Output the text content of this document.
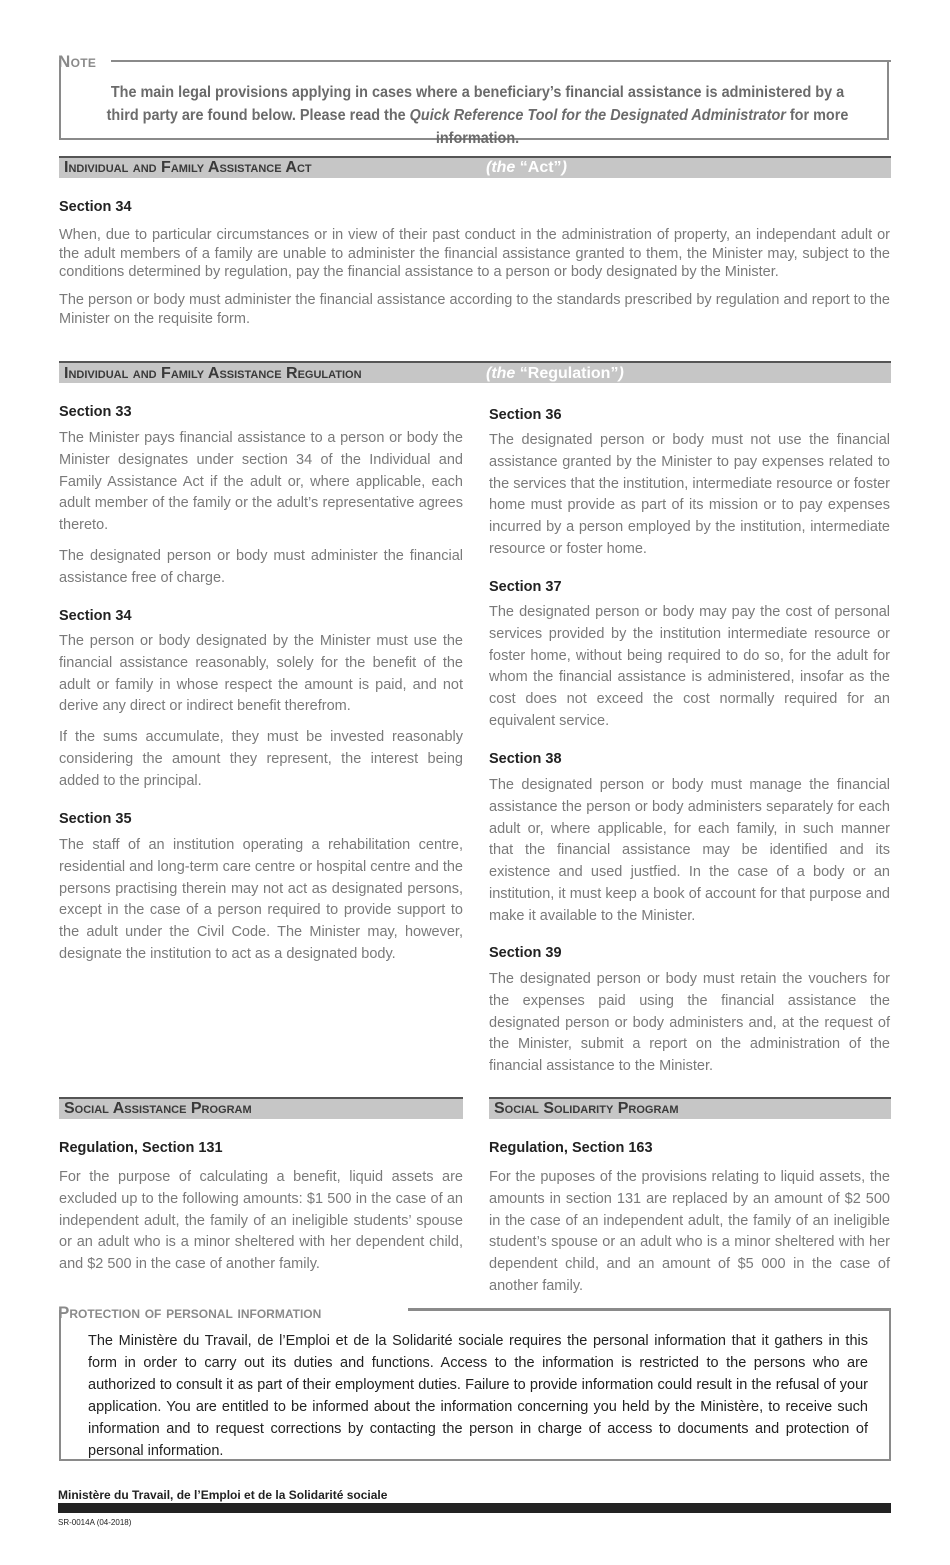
Note
The main legal provisions applying in cases where a beneficiary’s financial assistance is administered by a third party are found below. Please read the Quick Reference Tool for the Designated Administrator for more information.
Individual and Family Assistance Act	(the “Act”)
Section 34
When, due to particular circumstances or in view of their past conduct in the administration of property, an independant adult or the adult members of a family are unable to administer the financial assistance granted to them, the Minister may, subject to the conditions determined by regulation, pay the financial assistance to a person or body designated by the Minister.
The person or body must administer the financial assistance according to the standards prescribed by regulation and report to the Minister on the requisite form.
Individual and Family Assistance Regulation	(the “Regulation”)
Section 33
The Minister pays financial assistance to a person or body the Minister designates under section 34 of the Individual and Family Assistance Act if the adult or, where applicable, each adult member of the family or the adult’s representative agrees thereto.
The designated person or body must administer the financial assistance free of charge.
Section 34
The person or body designated by the Minister must use the financial assistance reasonably, solely for the benefit of the adult or family in whose respect the amount is paid, and not derive any direct or indirect benefit therefrom.
If the sums accumulate, they must be invested reasonably considering the amount they represent, the interest being added to the principal.
Section 35
The staff of an institution operating a rehabilitation centre, residential and long-term care centre or hospital centre and the persons practising therein may not act as designated persons, except in the case of a person required to provide support to the adult under the Civil Code. The Minister may, however, designate the institution to act as a designated body.
Section 36
The designated person or body must not use the financial assistance granted by the Minister to pay expenses related to the services that the institution, intermediate resource or foster home must provide as part of its mission or to pay expenses incurred by a person employed by the institution, intermediate resource or foster home.
Section 37
The designated person or body may pay the cost of personal services provided by the institution intermediate resource or foster home, without being required to do so, for the adult for whom the financial assistance is administered, insofar as the cost does not exceed the cost normally required for an equivalent service.
Section 38
The designated person or body must manage the financial assistance the person or body administers separately for each adult or, where applicable, for each family, in such manner that the financial assistance may be identified and its existence and used justfied. In the case of a body or an institution, it must keep a book of account for that purpose and make it available to the Minister.
Section 39
The designated person or body must retain the vouchers for the expenses paid using the financial assistance the designated person or body administers and, at the request of the Minister, submit a report on the administration of the financial assistance to the Minister.
Social Assistance Program	Social Solidarity Program
Regulation, Section 131
For the purpose of calculating a benefit, liquid assets are excluded up to the following amounts: $1 500 in the case of an independent adult, the family of an ineligible students’ spouse or an adult who is a minor sheltered with her dependent child, and $2 500 in the case of another family.
Regulation, Section 163
For the puposes of the provisions relating to liquid assets, the amounts in section 131 are replaced by an amount of $2 500 in the case of an independent adult, the family of an ineligible student’s spouse or an adult who is a minor sheltered with her dependent child, and an amount of $5 000 in the case of another family.
Protection of personal information
The Ministère du Travail, de l’Emploi et de la Solidarité sociale requires the personal information that it gathers in this form in order to carry out its duties and functions. Access to the information is restricted to the persons who are authorized to consult it as part of their employment duties. Failure to provide information could result in the refusal of your application. You are entitled to be informed about the information concerning you held by the Ministère, to receive such information and to request corrections by contacting the person in charge of access to documents and protection of personal information.
Ministère du Travail, de l’Emploi et de la Solidarité sociale
SR-0014A (04-2018)
